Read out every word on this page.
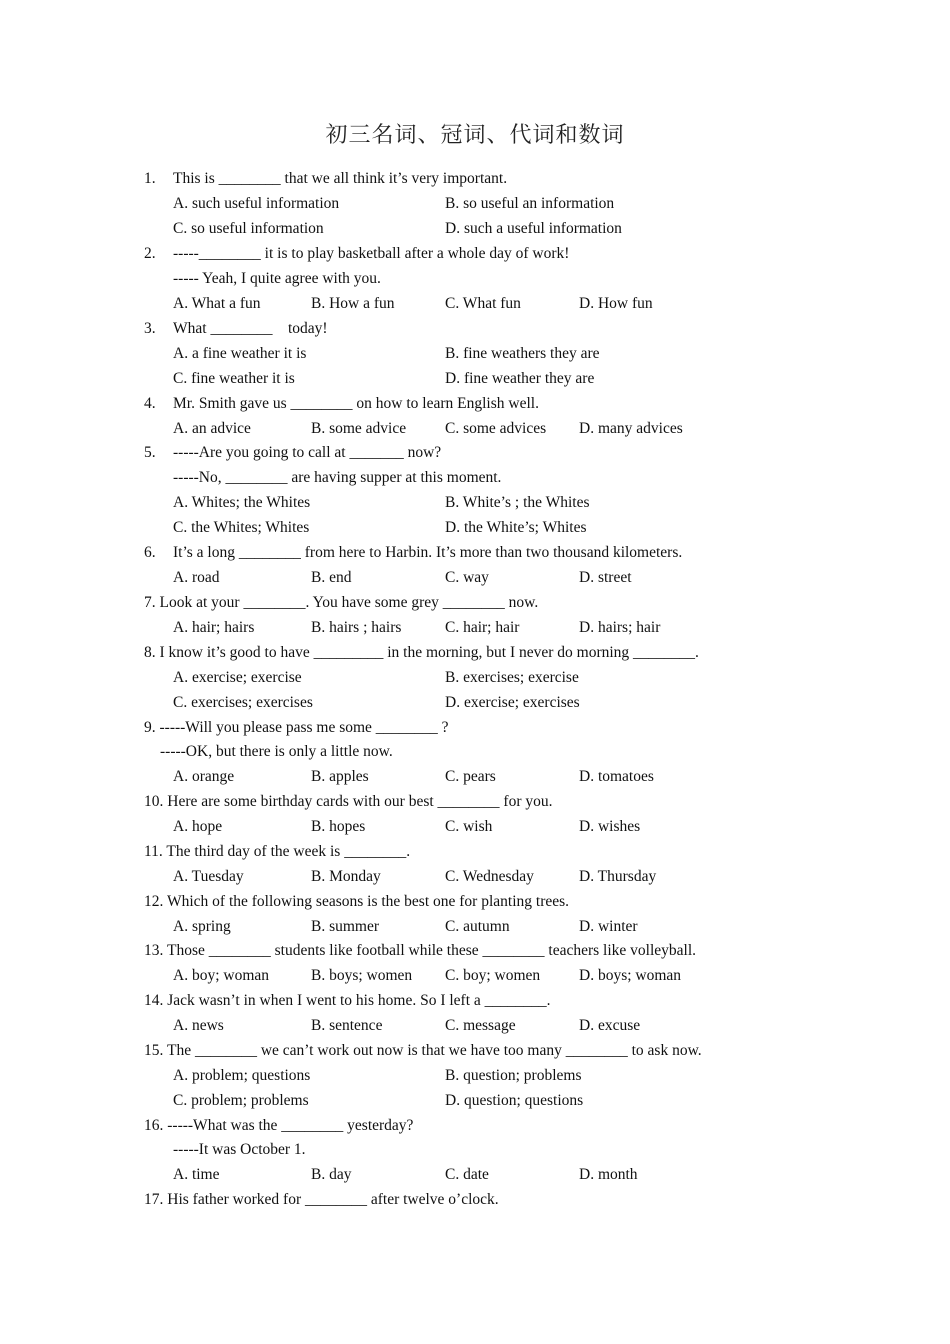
初三名词、冠词、代词和数词
1. This is ________ that we all think it’s very important.
A. such useful information	B. so useful an information
C. so useful information	D. such a useful information
2. -----________ it is to play basketball after a whole day of work!
----- Yeah, I quite agree with you.
A. What a fun	B. How a fun	C. What fun	D. How fun
3. What ________    today!
A. a fine weather it is	B. fine weathers they are
C. fine weather it is	D. fine weather they are
4. Mr. Smith gave us ________ on how to learn English well.
A. an advice	B. some advice	C. some advices D. many advices
5. -----Are you going to call at _______ now?
-----No, ________ are having supper at this moment.
A. Whites; the Whites	B. White’s ; the Whites
C. the Whites; Whites	D. the White’s; Whites
6. It’s a long ________ from here to Harbin. It’s more than two thousand kilometers.
A. road	B. end	C. way	D. street
7. Look at your ________. You have some grey ________ now.
A. hair; hairs	B. hairs ; hairs	C. hair; hair	D. hairs; hair
8. I know it’s good to have _________ in the morning, but I never do morning ________.
A. exercise; exercise	B. exercises; exercise
C. exercises; exercises	D. exercise; exercises
9. -----Will you please pass me some ________ ?
-----OK, but there is only a little now.
A. orange	B. apples	C. pears	D. tomatoes
10. Here are some birthday cards with our best ________ for you.
A. hope	B. hopes	C. wish	D. wishes
11. The third day of the week is ________.
A. Tuesday	B. Monday	C. Wednesday	D. Thursday
12. Which of the following seasons is the best one for planting trees.
A. spring	B. summer	C. autumn	D. winter
13. Those ________ students like football while these ________ teachers like volleyball.
A. boy; woman	B. boys; women C. boy; women	D. boys; woman
14. Jack wasn’t in when I went to his home. So I left a ________.
A. news	B. sentence	C. message	D. excuse
15. The ________ we can’t work out now is that we have too many ________ to ask now.
A. problem; questions	B. question; problems
C. problem; problems	D. question; questions
16. -----What was the ________ yesterday?
-----It was October 1.
A. time	B. day	C. date	D. month
17. His father worked for ________ after twelve o’clock.
